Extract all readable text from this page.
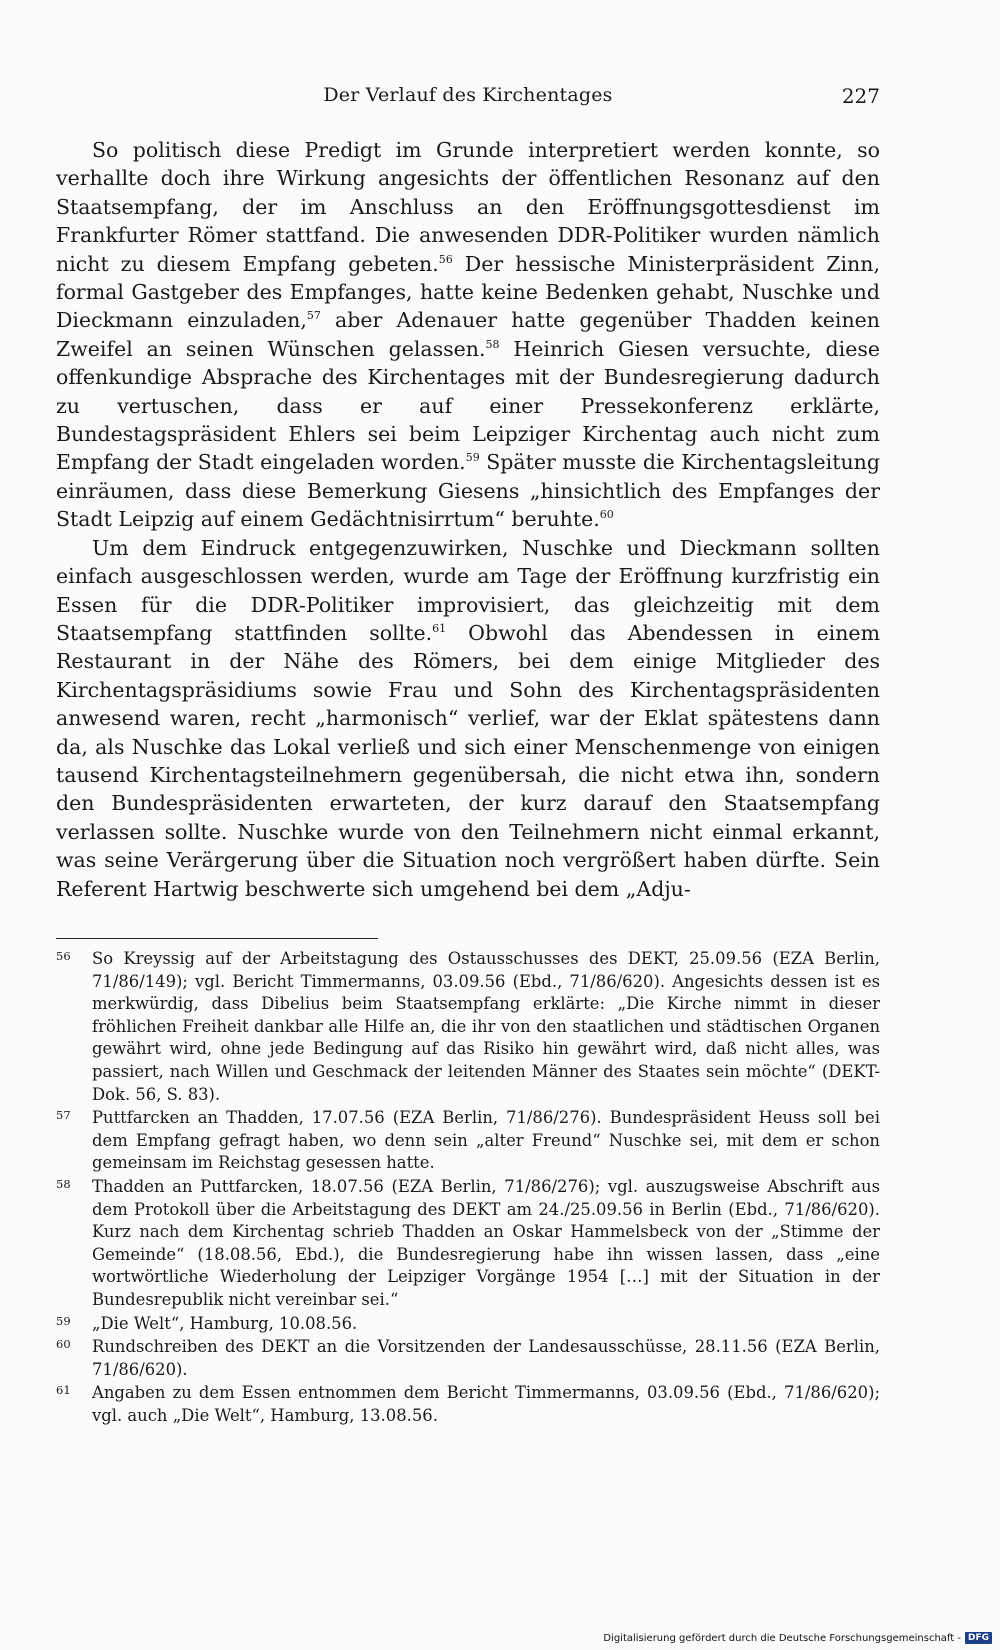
Der Verlauf des Kirchentages	227

So politisch diese Predigt im Grunde interpretiert werden konnte, so verhallte doch ihre Wirkung angesichts der öffentlichen Resonanz auf den Staatsempfang, der im Anschluss an den Eröffnungsgottesdienst im Frankfurter Römer stattfand. Die anwesenden DDR-Politiker wurden nämlich nicht zu diesem Empfang gebeten.$^{56}$ Der hessische Ministerpräsident Zinn, formal Gastgeber des Empfanges, hatte keine Bedenken gehabt, Nuschke und Dieckmann einzuladen,$^{57}$ aber Adenauer hatte gegenüber Thadden keinen Zweifel an seinen Wünschen gelassen.$^{58}$ Heinrich Giesen versuchte, diese offenkundige Absprache des Kirchentages mit der Bundesregierung dadurch zu vertuschen, dass er auf einer Pressekonferenz erklärte, Bundestagspräsident Ehlers sei beim Leipziger Kirchentag auch nicht zum Empfang der Stadt eingeladen worden.$^{59}$ Später musste die Kirchentagsleitung einräumen, dass diese Bemerkung Giesens „hinsichtlich des Empfanges der Stadt Leipzig auf einem Gedächtnisirrtum“ beruhte.$^{60}$

Um dem Eindruck entgegenzuwirken, Nuschke und Dieckmann sollten einfach ausgeschlossen werden, wurde am Tage der Eröffnung kurzfristig ein Essen für die DDR-Politiker improvisiert, das gleichzeitig mit dem Staatsempfang stattfinden sollte.$^{61}$ Obwohl das Abendessen in einem Restaurant in der Nähe des Römers, bei dem einige Mitglieder des Kirchentagspräsidiums sowie Frau und Sohn des Kirchentagspräsidenten anwesend waren, recht „harmonisch“ verlief, war der Eklat spätestens dann da, als Nuschke das Lokal verließ und sich einer Menschenmenge von einigen tausend Kirchentagsteilnehmern gegenübersah, die nicht etwa ihn, sondern den Bundespräsidenten erwarteten, der kurz darauf den Staatsempfang verlassen sollte. Nuschke wurde von den Teilnehmern nicht einmal erkannt, was seine Verärgerung über die Situation noch vergrößert haben dürfte. Sein Referent Hartwig beschwerte sich umgehend bei dem „Adju-

56 So Kreyssig auf der Arbeitstagung des Ostausschusses des DEKT, 25.09.56 (EZA Berlin, 71/86/149); vgl. Bericht Timmermanns, 03.09.56 (Ebd., 71/86/620). Angesichts dessen ist es merkwürdig, dass Dibelius beim Staatsempfang erklärte: „Die Kirche nimmt in dieser fröhlichen Freiheit dankbar alle Hilfe an, die ihr von den staatlichen und städtischen Organen gewährt wird, ohne jede Bedingung auf das Risiko hin gewährt wird, daß nicht alles, was passiert, nach Willen und Geschmack der leitenden Männer des Staates sein möchte“ (DEKT-Dok. 56, S. 83).
57 Puttfarcken an Thadden, 17.07.56 (EZA Berlin, 71/86/276). Bundespräsident Heuss soll bei dem Empfang gefragt haben, wo denn sein „alter Freund“ Nuschke sei, mit dem er schon gemeinsam im Reichstag gesessen hatte.
58 Thadden an Puttfarcken, 18.07.56 (EZA Berlin, 71/86/276); vgl. auszugsweise Abschrift aus dem Protokoll über die Arbeitstagung des DEKT am 24./25.09.56 in Berlin (Ebd., 71/86/620). Kurz nach dem Kirchentag schrieb Thadden an Oskar Hammelsbeck von der „Stimme der Gemeinde“ (18.08.56, Ebd.), die Bundesregierung habe ihn wissen lassen, dass „eine wortwörtliche Wiederholung der Leipziger Vorgänge 1954 […] mit der Situation in der Bundesrepublik nicht vereinbar sei.“
59 „Die Welt“, Hamburg, 10.08.56.
60 Rundschreiben des DEKT an die Vorsitzenden der Landesausschüsse, 28.11.56 (EZA Berlin, 71/86/620).
61 Angaben zu dem Essen entnommen dem Bericht Timmermanns, 03.09.56 (Ebd., 71/86/620); vgl. auch „Die Welt“, Hamburg, 13.08.56.
Digitalisierung gefördert durch die Deutsche Forschungsgemeinschaft - DFG
